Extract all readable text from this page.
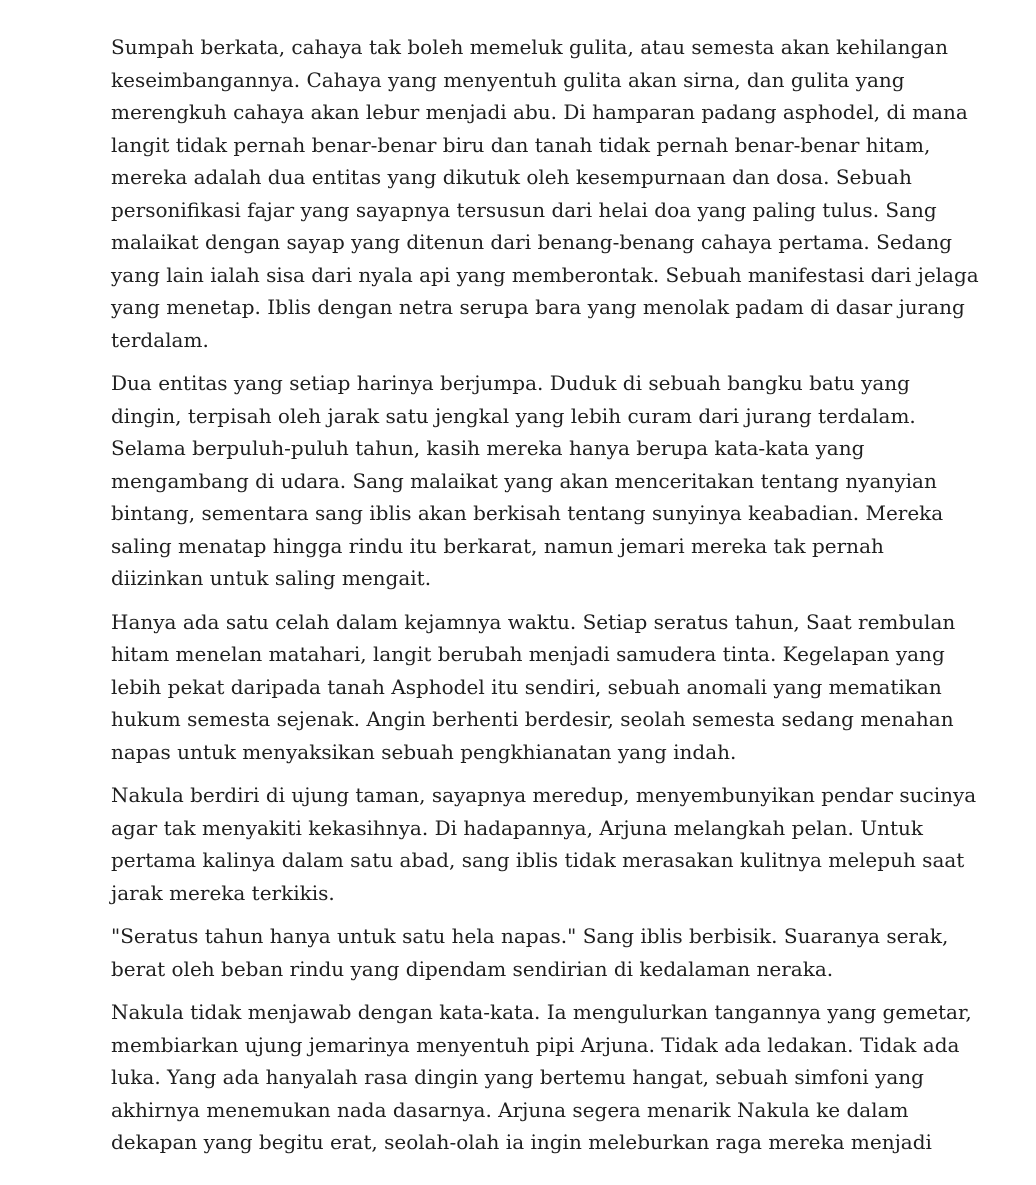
Sumpah berkata, cahaya tak boleh memeluk gulita, atau semesta akan kehilangan
keseimbangannya. Cahaya yang menyentuh gulita akan sirna, dan gulita yang
merengkuh cahaya akan lebur menjadi abu. Di hamparan padang asphodel, di mana
langit tidak pernah benar-benar biru dan tanah tidak pernah benar-benar hitam,
mereka adalah dua entitas yang dikutuk oleh kesempurnaan dan dosa. Sebuah
personifikasi fajar yang sayapnya tersusun dari helai doa yang paling tulus. Sang
malaikat dengan sayap yang ditenun dari benang-benang cahaya pertama. Sedang
yang lain ialah sisa dari nyala api yang memberontak. Sebuah manifestasi dari jelaga
yang menetap. Iblis dengan netra serupa bara yang menolak padam di dasar jurang
terdalam.

Dua entitas yang setiap harinya berjumpa. Duduk di sebuah bangku batu yang
dingin, terpisah oleh jarak satu jengkal yang lebih curam dari jurang terdalam.
Selama berpuluh-puluh tahun, kasih mereka hanya berupa kata-kata yang
mengambang di udara. Sang malaikat yang akan menceritakan tentang nyanyian
bintang, sementara sang iblis akan berkisah tentang sunyinya keabadian. Mereka
saling menatap hingga rindu itu berkarat, namun jemari mereka tak pernah
diizinkan untuk saling mengait.

Hanya ada satu celah dalam kejamnya waktu. Setiap seratus tahun, Saat rembulan
hitam menelan matahari, langit berubah menjadi samudera tinta. Kegelapan yang
lebih pekat daripada tanah Asphodel itu sendiri, sebuah anomali yang mematikan
hukum semesta sejenak. Angin berhenti berdesir, seolah semesta sedang menahan
napas untuk menyaksikan sebuah pengkhianatan yang indah.

Nakula berdiri di ujung taman, sayapnya meredup, menyembunyikan pendar sucinya
agar tak menyakiti kekasihnya. Di hadapannya, Arjuna melangkah pelan. Untuk
pertama kalinya dalam satu abad, sang iblis tidak merasakan kulitnya melepuh saat
jarak mereka terkikis.

"Seratus tahun hanya untuk satu hela napas." Sang iblis berbisik. Suaranya serak,
berat oleh beban rindu yang dipendam sendirian di kedalaman neraka.

Nakula tidak menjawab dengan kata-kata. Ia mengulurkan tangannya yang gemetar,
membiarkan ujung jemarinya menyentuh pipi Arjuna. Tidak ada ledakan. Tidak ada
luka. Yang ada hanyalah rasa dingin yang bertemu hangat, sebuah simfoni yang
akhirnya menemukan nada dasarnya. Arjuna segera menarik Nakula ke dalam
dekapan yang begitu erat, seolah-olah ia ingin meleburkan raga mereka menjadi
